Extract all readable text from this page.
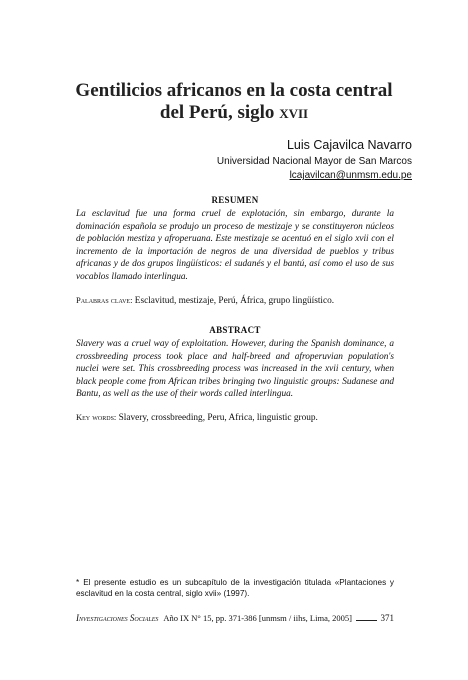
Gentilicios africanos en la costa central
del Perú, siglo xvii
Luis Cajavilca Navarro
Universidad Nacional Mayor de San Marcos
lcajavilcan@unmsm.edu.pe
RESUMEN

La esclavitud fue una forma cruel de explotación, sin embargo, durante la dominación española se produjo un proceso de mestizaje y se constituyeron núcleos de población mestiza y afroperuana. Este mestizaje se acentuó en el siglo xvii con el incremento de la importación de negros de una diversidad de pueblos y tribus africanas y de dos grupos lingüísticos: el sudanés y el bantú, así como el uso de sus vocablos llamado interlingua.

Palabras clave: Esclavitud, mestizaje, Perú, África, grupo lingüístico.
ABSTRACT

Slavery was a cruel way of exploitation. However, during the Spanish dominance, a crossbreeding process took place and half-breed and afroperuvian population's nuclei were set. This crossbreeding process was increased in the xvii century, when black people come from African tribes bringing two linguistic groups: Sudanese and Bantu, as well as the use of their words called interlingua.

Key words: Slavery, crossbreeding, Peru, Africa, linguistic group.
* El presente estudio es un subcapítulo de la investigación titulada «Plantaciones y esclavitud en la costa central, siglo xvii» (1997).
Investigaciones Sociales Año IX N° 15, pp. 371-386 [unmsm / iihs, Lima, 2005]	371
